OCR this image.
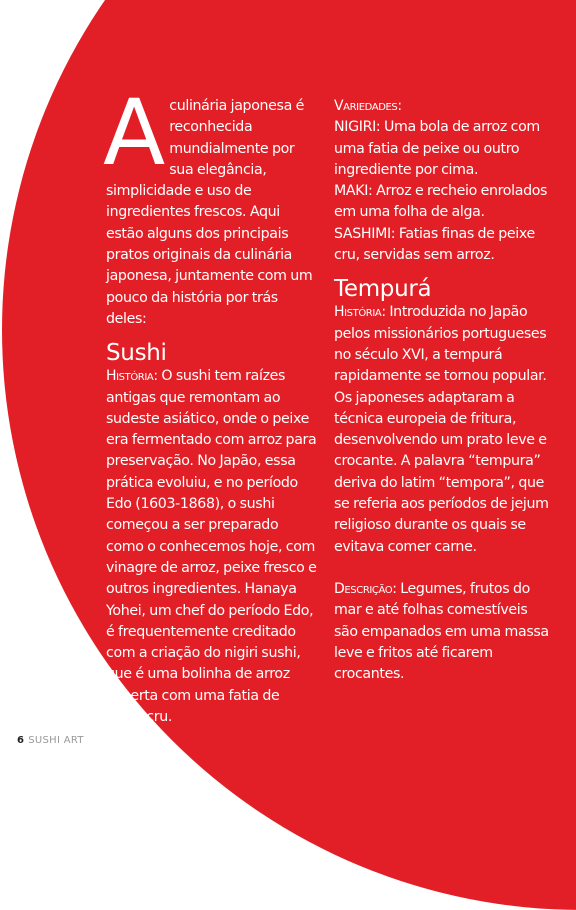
Aculinária japonesa é reconhecida mundialmente por sua elegância, simplicidade e uso de ingredientes frescos. Aqui estão alguns dos principais pratos originais da culinária japonesa, juntamente com um pouco da história por trás deles:

Sushi

História: O sushi tem raízes antigas que remontam ao sudeste asiático, onde o peixe era fermentado com arroz para preservação. No Japão, essa prática evoluiu, e no período Edo (1603-1868), o sushi começou a ser preparado como o conhecemos hoje, com vinagre de arroz, peixe fresco e outros ingredientes. Hanaya Yohei, um chef do período Edo, é frequentemente creditado com a criação do nigiri sushi, que é uma bolinha de arroz coberta com uma fatia de peixe cru.

Variedades:

NIGIRI: Uma bola de arroz com uma fatia de peixe ou outro ingrediente por cima.

MAKI: Arroz e recheio enrolados em uma folha de alga.

SASHIMI: Fatias finas de peixe cru, servidas sem arroz.

Tempurá

História: Introduzida no Japão pelos missionários portugueses no século XVI, a tempurá rapidamente se tornou popular. Os japoneses adaptaram a técnica europeia de fritura, desenvolvendo um prato leve e crocante. A palavra “tempura” deriva do latim “tempora”, que se referia aos períodos de jejum religioso durante os quais se evitava comer carne.

Descrição: Legumes, frutos do mar e até folhas comestíveis são empanados em uma massa leve e fritos até ficarem crocantes.

6 SUSHI ART
